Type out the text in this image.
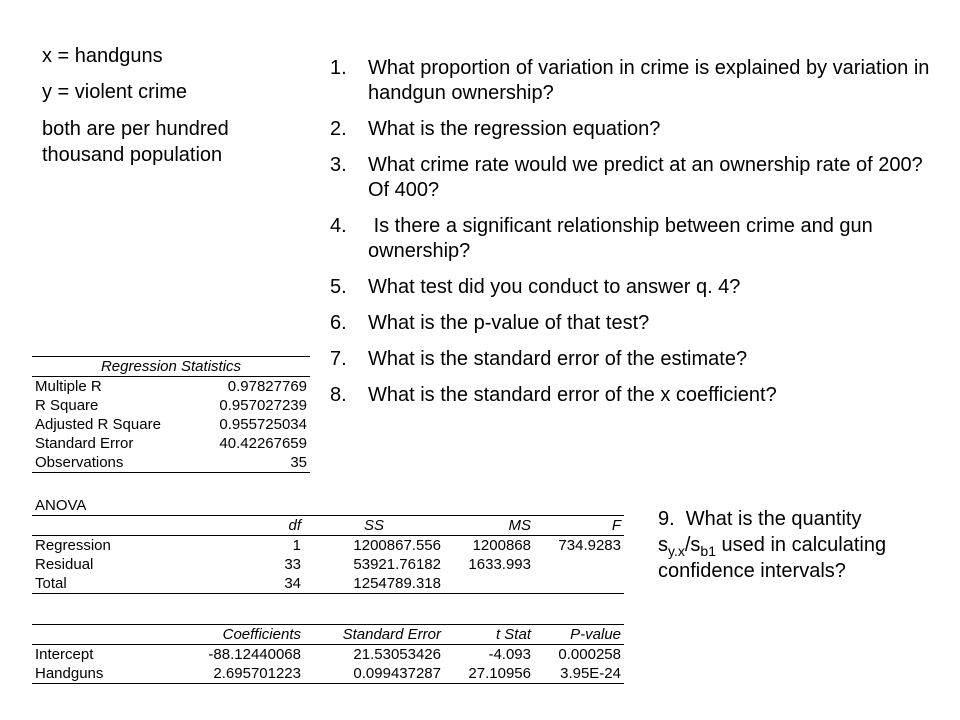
x = handguns

y = violent crime

both are per hundred thousand population

1. What proportion of variation in crime is explained by variation in handgun ownership?
2. What is the regression equation?
3. What crime rate would we predict at an ownership rate of 200? Of 400?
4. Is there a significant relationship between crime and gun ownership?
5. What test did you conduct to answer q. 4?
6. What is the p-value of that test?
7. What is the standard error of the estimate?
8. What is the standard error of the x coefficient?
9.  What is the quantity $s_{y.x}/s_{b1}$ used in calculating confidence intervals?
Regression Statistics	
Multiple R	0.97827769
R Square	0.957027239
Adjusted R Square	0.955725034
Standard Error	40.42267659
Observations	35
ANOVA				
	df	SS	MS	F
Regression	1	1200867.556	1200868	734.9283
Residual	33	53921.76182	1633.993	
Total	34	1254789.318		
	Coefficients	Standard Error	t Stat	P-value
Intercept	-88.12440068	21.53053426	-4.093	0.000258
Handguns	2.695701223	0.099437287	27.10956	3.95E-24
